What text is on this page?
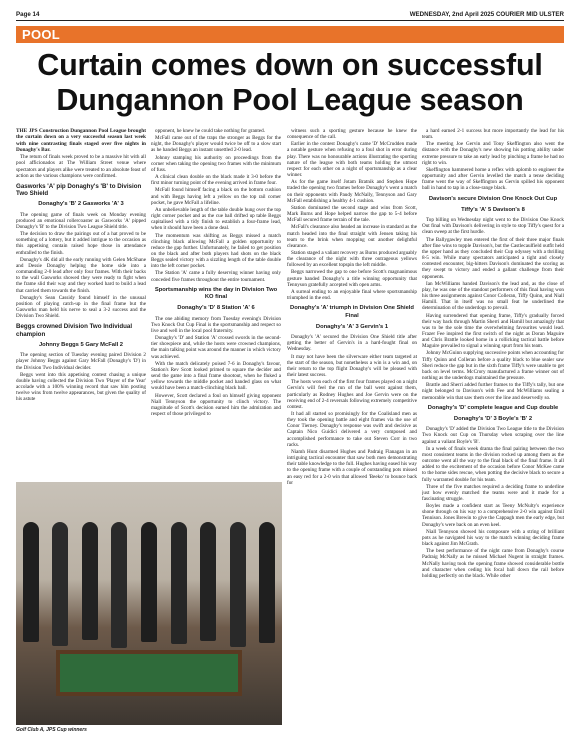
Page 14	WEDNESDAY, 2nd April 2025 COURIER MID ULSTER
POOL
Curtain comes down on successful Dungannon Pool League season

THE JPS Construction Dungannon Pool League brought the curtain down on a very successful season last week with nine contrasting finals staged over five nights in Donaghy's Bar.

The return of finals week proved to be a massive hit with all pool afficionados at The William Street venue where spectators and players alike were treated to an absolute feast of action as the various champions were confirmed.

Gasworks 'A' pip Donaghy's 'B' to Division Two Shield
Donaghy's 'B' 2 Gasworks 'A' 3

The opening game of finals week on Monday evening produced an emotional rollercoaster as Gasworks 'A' pipped Donaghy's 'B' to the Division Two League Shield title.

The decision to draw the pairings out of a hat proved to be something of a lottery, but it added intrigue to the occasion as this appetising contain raised hope those in attendance enthralled to the finish.

Donaghy's 4K did all the early running with Gelen McShane and Dessie Donaghy helping the home side into a commanding 2-0 lead after only four frames. With their backs to the wall Gasworks showed they were ready to fight when the frame slid their way and they worked hard to build a lead that carried them towards the finish.

Donaghy's Sean Cassidy found himself in the unusual position of playing catch-up in the final frame but the Gasworks man held his nerve to seal a 3-2 success and the Division Two Shield.

Beggs crowned Division Two Individual champion
Johnny Beggs 5 Gary McFall 2

The opening section of Tuesday evening paired Division 2 player Johnny Beggs against Gary McFall (Donaghy's 'D') in the Division Two Individual decider.

Beggs went into this appetising contest chasing a unique double having collected the Division Two 'Player of the Year' accolade with a 100% winning record that saw him posting twelve wins from twelve appearances, but given the quality of his astute

opponent, he knew he could take nothing for granted.

McFall came out of the traps the stronger as Beggs for the night, the Donaghy's player would twice be off to a slow start as he handed Beggs an instant unsettled 2-0 lead.

Johnny stamping his authority on proceedings from the corner when taking the opening two frames with the minimum of fuss.

A clinical clean double on the black made it 3-0 before the first minor turning point of the evening arrived in frame four.

McFall found himself facing a black on the bottom cushion and with Beggs having left a yellow on the top rail corner pocket, he gave McFall a lifeline.

An unbelievable length of the table double hung over the top right corner pocket and as the cue ball drifted up table Beggs capitalised with a tidy finish to establish a four-frame lead, when it should have been a done deal.

The momentum was shifting as Beggs missed a match clinching black allowing McFall a golden opportunity to reduce the gap further. Unfortunately, he failed to get position on the black and after both players had shots on the black Beggs sealed victory with a sizzling length of the table double into the left corner pocket.

The Station 'A' came a fully deserving winner having only conceded five frames throughout the entire tournament.

Sportsmanship wins the day in Division Two KO final
Donaghy's 'D' 8 Station 'A' 6

The one abiding memory from Tuesday evening's Division Two Knock Out Cup Final is the sportsmanship and respect so live and well in the local pool fraternity.

Donaghy's 'D' and Station 'A' crossed swords in the second-tier showpiece and, while the hosts were crowned champions, the main talking point was around the manner in which victory was achieved.

With the match delicately poised 7-6 in Donaghy's favour, Station's Rev Scott looked primed to square the decider and send the game into a final frame shootout, when he fluked a yellow towards the middle pocket and handed glass on what would have been a match-clinching black ball.

However, Scott declared a foul on himself giving opponent Niall Tennyson the opportunity to clinch victory. The magnitude of Scott's decision earned him the admiration and respect of those privileged to

witness such a sporting gesture because he knew the consequence of the call.

Earlier in the contest Donaghy's came 'D' McCrudden made a notable gesture when refusing to a foul shot in error during play. There was no honourable actions illustrating the sporting nature of the league with both teams holding the utmost respect for each other on a night of sportsmanship as a clear winner.

As for the game itself Jotam Bratnik and Stephen Hope traded the opening two frames before Donaghy's went a match on their opponents with Paudy McNally, Tennyson and Gary McFall establishing a healthy 4-1 cushion.

Station dominated the second stage and wins from Scott, Mark Burns and Hope helped narrow the gap to 5-4 before McFall secured frame terrain of the tale.

McFall's clearance also headed an increase in standard as the match headed into the final straight with Jensen taking his team to the brink when mopping out another delightful clearance.

Station staged a valiant recovery as Burns produced arguably the clearance of the night with three outrageous yellows followed by an excellent topspin the left middle.

Beggs narrowed the gap to one before Scott's magnanimous gesture handed Donaghy's a title winning opportunity that Tennyson gratefully accepted with open arms.

A surreal ending to an enjoyable final where sportsmanship triumphed in the end.

Donaghy's 'A' triumph in Division One Shield Final
Donaghy's 'A' 3 Gervin's 1

Donaghy's 'A' secured the Division One Shield title after getting the better of Gervin's in a hard-fought final on Wednesday.

It may not have been the silverware either team targeted at the start of the season, but nonetheless a win is a win and, on their return to the top flight Donaghy's will be pleased with their latest success.

The hosts won each of the first four frames played on a night Gervin's will feel the run of the ball went against them, particularly as Rodney Hughes and Joe Gervin were on the receiving end of 2-4 reversals following extremely competitive contest.

It had all started so promisingly for the Coalisland men as they took the opening battle and eight frames via the use of Conor Tierney. Donaghy's response was swift and decisive as Captain Nico Guidici delivered a very composed and accomplished performance to take out Steven Corr in two racks.

Niamh Hunt disarmed Hughes and Padraig Flanagan in an intriguing tactical encounter that saw both men demonstrating their table knowledge to the full. Hughes having eased his way to the opening frame with a couple of outstanding pots missed an easy red for a 2-0 win that allowed 'Beeko' to bounce back for

a hard earned 2-1 success but more importantly the lead for his team.

The meeting Joe Gervin and Tony Skeffington also went the distance with the Donaghy's new showing his potting ability under extreme pressure to take an early lead by pinching a frame he had no right to win.

Skeffington hammered home a reflex with aplomb to engineer the opportunity and after Gervin levelled the match a tense deciding frame went the way of Skeffington as Gervin spilled his opponent ball in hand to tap in a close-range black.

Davison's secure Division One Knock Out Cup
Tiffy's 'A' 5 Davison's 8

Top billing on Wednesday night went to the Division One Knock Out final with Davison's delivering in style to stop Tiffy's quest for a clean sweep at the first hurdle.

The Ballygawley men entered the first of their three major finals after fine wins to topple Davison's, but the Castlecaulfield outfit held the upper hand as they concluded their Cup odyssey with a thrilling 8-5 win. While many spectators anticipated a tight and closely contested encounter, big-hitters Davison's dominated the scoring as they swept to victory and ended a gallant challenge from their opponents.

Ian McWilliams handed Davison's the lead and, as the close of play, he was one of the standout performers of this final having won his three assignments against Conor Colleran, Tiffy Quinn, and Niall Hamill. That in itself was no small feat he underlined the determination of the underdogs to prevail.

Having surrendered that opening frame, Tiffy's gradually forced their way back through Martin Sherri and Hamill but amazingly that was to be the sole time the overwhelming favourites would lead. Frazer Fee inspired the first switch of the night as Doran Maguire and Chris Brattle looked home in a rollicking tactical battle before Maguire prevailed to signal a winning spurt from his team.

Johnny McGuinn supplying successive points when accounting for Tiffy Quinn and Colleran before a quality black to blue sealer saw Sheri reduce the gap but in the sixth frame Tiffy's were unable to get back on level terms. McCrory manufactured a frame winner out of nothing as the underdogs maintained the pressure.

Brattle and Sherri added further frames to the Tiffy's tally, but one night belonged to Davison's with Fee and McWilliams sealing a memorable win that saw them over the line and deservedly so.

Donaghy's 'D' complete league and Cup double
Donaghy's 'D' 3 Boyle's 'B' 2

Donaghy's 'D' added the Division Two League title to the Division Two Knock out Cup on Thursday when scraping over the line against a valiant Boyle's 'B'.

In a week of finals week drama the final pairing between the two most consistent teams in the division rocked up among them as the outcome went all the way to the final black of the final frame. It all added to the excitement of the occasion before Conor McKee came to the home sides rescue, when potting the decisive black to secure a fully warranted double for his team.

Three of the five matches required a deciding frame to underline just how evenly matched the teams were and it made for a fascinating struggle.

Boyles made a confident start as Teeny McNulty's experience shone through on his way to a comprehensive 2-0 win against Emil Tennison. Jones Brewin to give the Cappagh men the early edge, but Donaghy's were back on an even keel.

Niall Tennyson showed his composure with a string of brilliant pots as he navigated his way to the match winning deciding frame black against Jim McGrath.

The best performance of the night came from Donaghy's course Padraig McNally as he missed Michael Nugent in straight frames. McNally having took the opening frame showed considerable bottle and character when ceding his focal ball down the rail before holding perfectly on the black. While other

Golf Club A, JPS Cup winners
